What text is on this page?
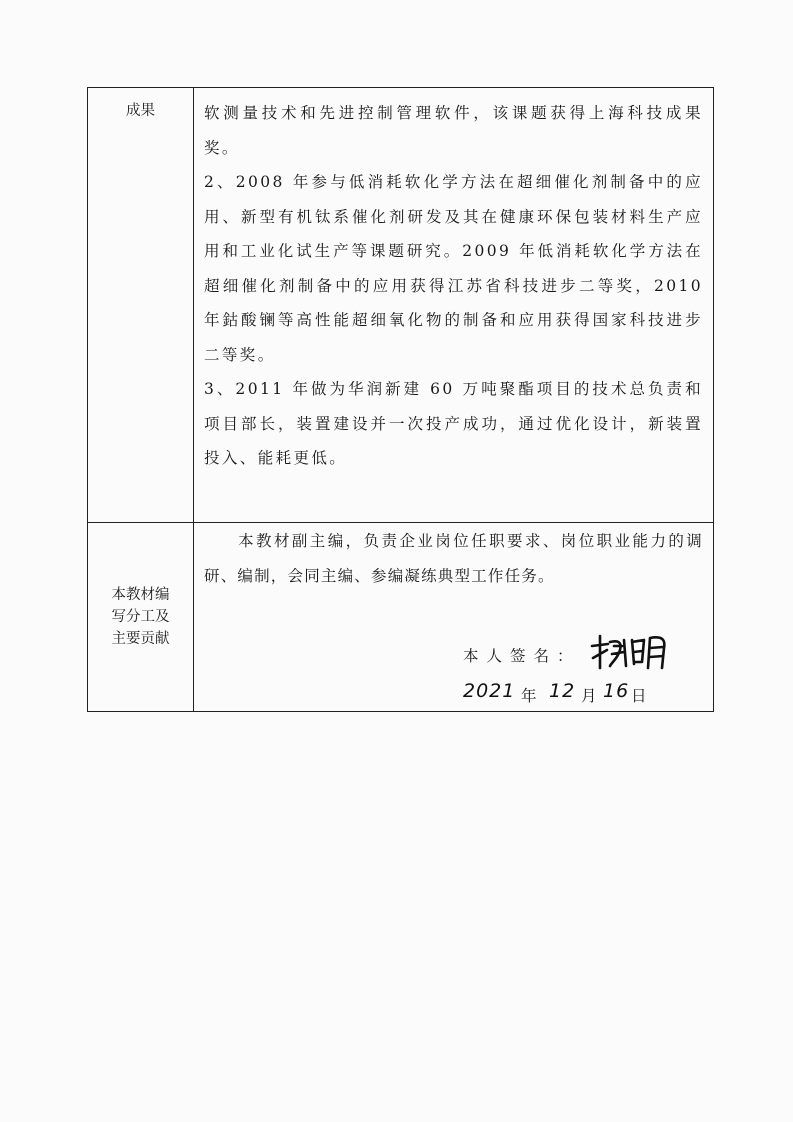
成果	软测量技术和先进控制管理软件，该课题获得上海科技成果奖。

2、2008 年参与低消耗软化学方法在超细催化剂制备中的应用、新型有机钛系催化剂研发及其在健康环保包装材料生产应用和工业化试生产等课题研究。2009 年低消耗软化学方法在超细催化剂制备中的应用获得江苏省科技进步二等奖，2010 年鈷酸镧等高性能超细氧化物的制备和应用获得国家科技进步二等奖。

3、2011 年做为华润新建 60 万吨聚酯项目的技术总负责和项目部长，装置建设并一次投产成功，通过优化设计，新装置投入、能耗更低。

本教材编写分工及主要贡献

本教材副主编，负责企业岗位任职要求、岗位职业能力的调研、编制，会同主编、参编凝练典型工作任务。

本人签名：
2021 年 12 月 16 日
